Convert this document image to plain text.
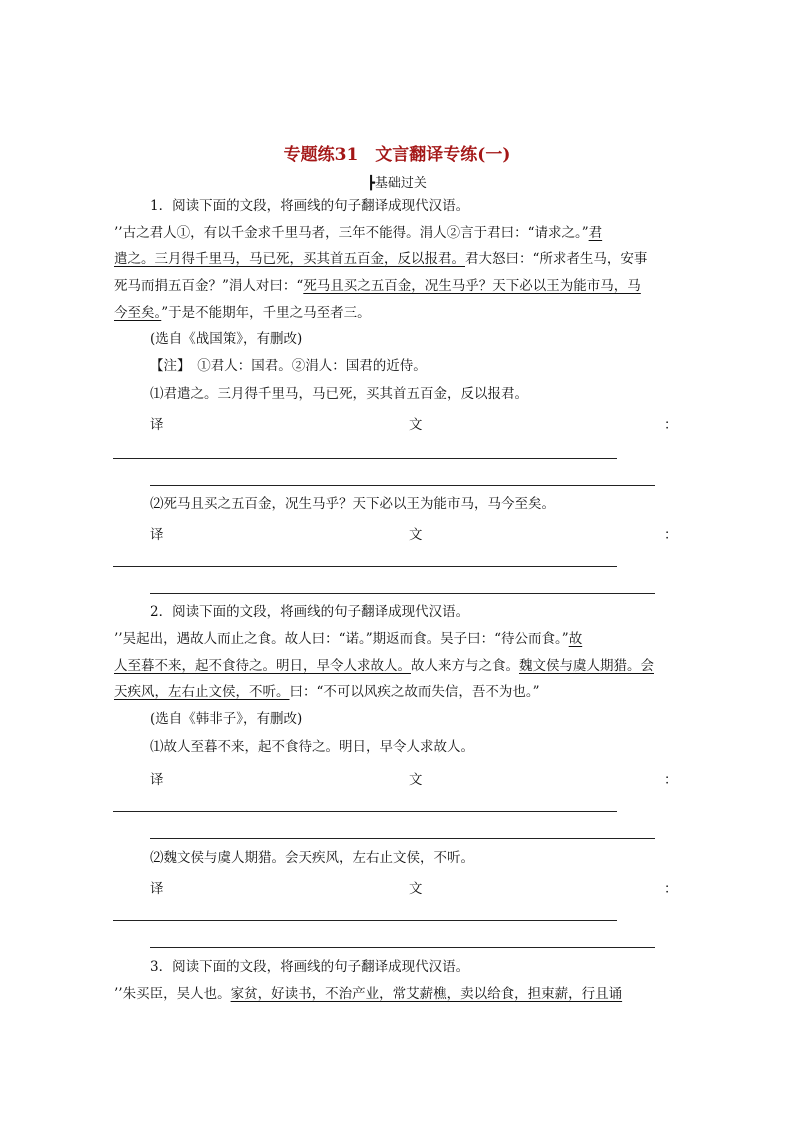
专题练31　文言翻译专练(一)
┣基础过关
1．阅读下面的文段，将画线的句子翻译成现代汉语。
’’古之君人①，有以千金求千里马者，三年不能得。涓人②言于君曰：“请求之。”君
遣之。三月得千里马，马已死，买其首五百金，反以报君。君大怒曰：“所求者生马，安事
死马而捐五百金？”涓人对曰：“死马且买之五百金，况生马乎？天下必以王为能市马，马
今至矣。”于是不能期年，千里之马至者三。
(选自《战国策》，有删改)
【注】　①君人：国君。②涓人：国君的近侍。
⑴君遣之。三月得千里马，马已死，买其首五百金，反以报君。
译	文	：
⑵死马且买之五百金，况生马乎？天下必以王为能市马，马今至矣。
译	文	：
2．阅读下面的文段，将画线的句子翻译成现代汉语。
’’吴起出，遇故人而止之食。故人曰：“诺。”期返而食。吴子曰：“待公而食。”故
人至暮不来，起不食待之。明日，早令人求故人。故人来方与之食。魏文侯与虞人期猎。会
天疾风，左右止文侯，不听。曰：“不可以风疾之故而失信，吾不为也。”
(选自《韩非子》，有删改)
⑴故人至暮不来，起不食待之。明日，早令人求故人。
译	文	：
⑵魏文侯与虞人期猎。会天疾风，左右止文侯，不听。
译	文	：
3．阅读下面的文段，将画线的句子翻译成现代汉语。
’’朱买臣，吴人也。家贫，好读书，不治产业，常艾薪樵，卖以给食，担束薪，行且诵
